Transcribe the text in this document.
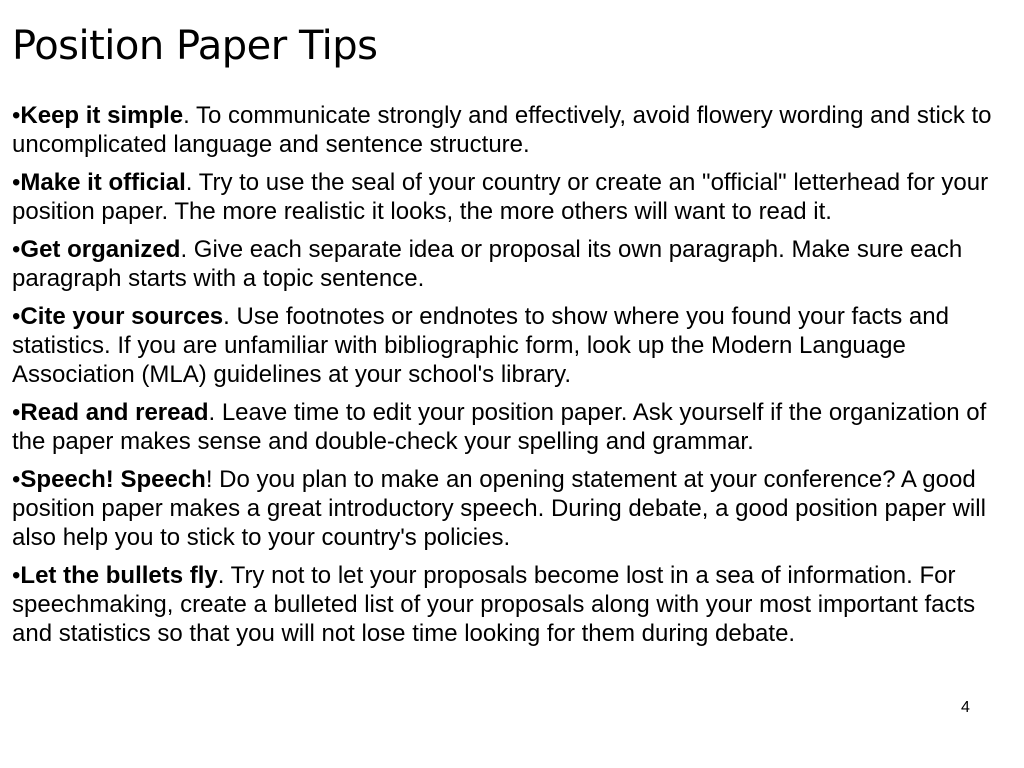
Position Paper Tips
•Keep it simple. To communicate strongly and effectively, avoid flowery wording and stick to uncomplicated language and sentence structure.
•Make it official. Try to use the seal of your country or create an "official" letterhead for your position paper. The more realistic it looks, the more others will want to read it.
•Get organized. Give each separate idea or proposal its own paragraph. Make sure each paragraph starts with a topic sentence.
•Cite your sources. Use footnotes or endnotes to show where you found your facts and statistics. If you are unfamiliar with bibliographic form, look up the Modern Language Association (MLA) guidelines at your school's library.
•Read and reread. Leave time to edit your position paper. Ask yourself if the organization of the paper makes sense and double-check your spelling and grammar.
•Speech! Speech! Do you plan to make an opening statement at your conference? A good position paper makes a great introductory speech. During debate, a good position paper will also help you to stick to your country's policies.
•Let the bullets fly. Try not to let your proposals become lost in a sea of information. For speechmaking, create a bulleted list of your proposals along with your most important facts and statistics so that you will not lose time looking for them during debate.
4
